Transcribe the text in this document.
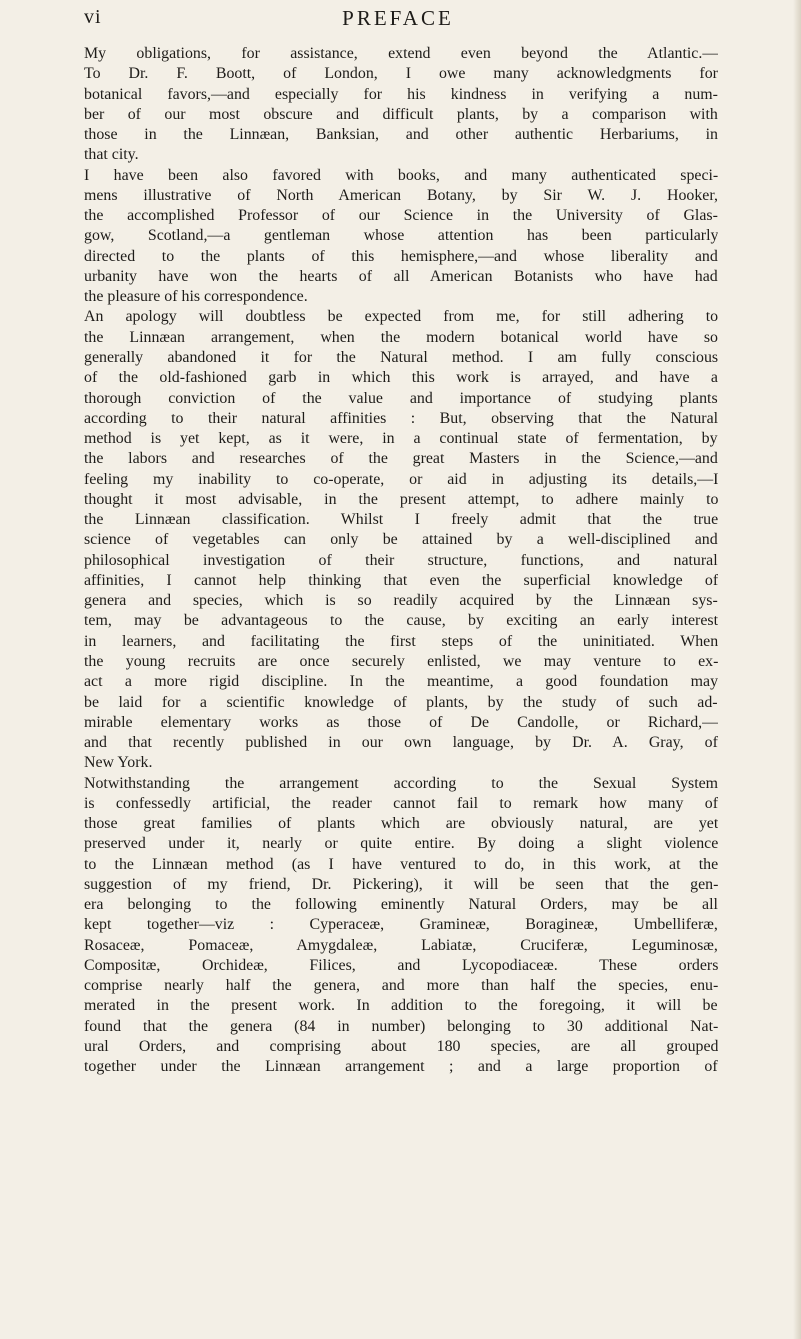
vi	PREFACE

My obligations, for assistance, extend even beyond the Atlantic.—
To Dr. F. Boott, of London, I owe many acknowledgments for
botanical favors,—and especially for his kindness in verifying a num-
ber of our most obscure and difficult plants, by a comparison with
those in the Linnæan, Banksian, and other authentic Herbariums, in
that city.

I have been also favored with books, and many authenticated speci-
mens illustrative of North American Botany, by Sir W. J. Hooker,
the accomplished Professor of our Science in the University of Glas-
gow, Scotland,—a gentleman whose attention has been particularly
directed to the plants of this hemisphere,—and whose liberality and
urbanity have won the hearts of all American Botanists who have had
the pleasure of his correspondence.

An apology will doubtless be expected from me, for still adhering to
the Linnæan arrangement, when the modern botanical world have so
generally abandoned it for the Natural method. I am fully conscious
of the old-fashioned garb in which this work is arrayed, and have a
thorough conviction of the value and importance of studying plants
according to their natural affinities : But, observing that the Natural
method is yet kept, as it were, in a continual state of fermentation, by
the labors and researches of the great Masters in the Science,—and
feeling my inability to co-operate, or aid in adjusting its details,—I
thought it most advisable, in the present attempt, to adhere mainly to
the Linnæan classification. Whilst I freely admit that the true
science of vegetables can only be attained by a well-disciplined and
philosophical investigation of their structure, functions, and natural
affinities, I cannot help thinking that even the superficial knowledge of
genera and species, which is so readily acquired by the Linnæan sys-
tem, may be advantageous to the cause, by exciting an early interest
in learners, and facilitating the first steps of the uninitiated. When
the young recruits are once securely enlisted, we may venture to ex-
act a more rigid discipline. In the meantime, a good foundation may
be laid for a scientific knowledge of plants, by the study of such ad-
mirable elementary works as those of De Candolle, or Richard,—
and that recently published in our own language, by Dr. A. Gray, of
New York.

Notwithstanding the arrangement according to the Sexual System
is confessedly artificial, the reader cannot fail to remark how many of
those great families of plants which are obviously natural, are yet
preserved under it, nearly or quite entire. By doing a slight violence
to the Linnæan method (as I have ventured to do, in this work, at the
suggestion of my friend, Dr. Pickering), it will be seen that the gen-
era belonging to the following eminently Natural Orders, may be all
kept together—viz : Cyperaceæ, Gramineæ, Boragineæ, Umbelliferæ,
Rosaceæ, Pomaceæ, Amygdaleæ, Labiatæ, Cruciferæ, Leguminosæ,
Compositæ, Orchideæ, Filices, and Lycopodiaceæ. These orders
comprise nearly half the genera, and more than half the species, enu-
merated in the present work. In addition to the foregoing, it will be
found that the genera (84 in number) belonging to 30 additional Nat-
ural Orders, and comprising about 180 species, are all grouped
together under the Linnæan arrangement ; and a large proportion of
